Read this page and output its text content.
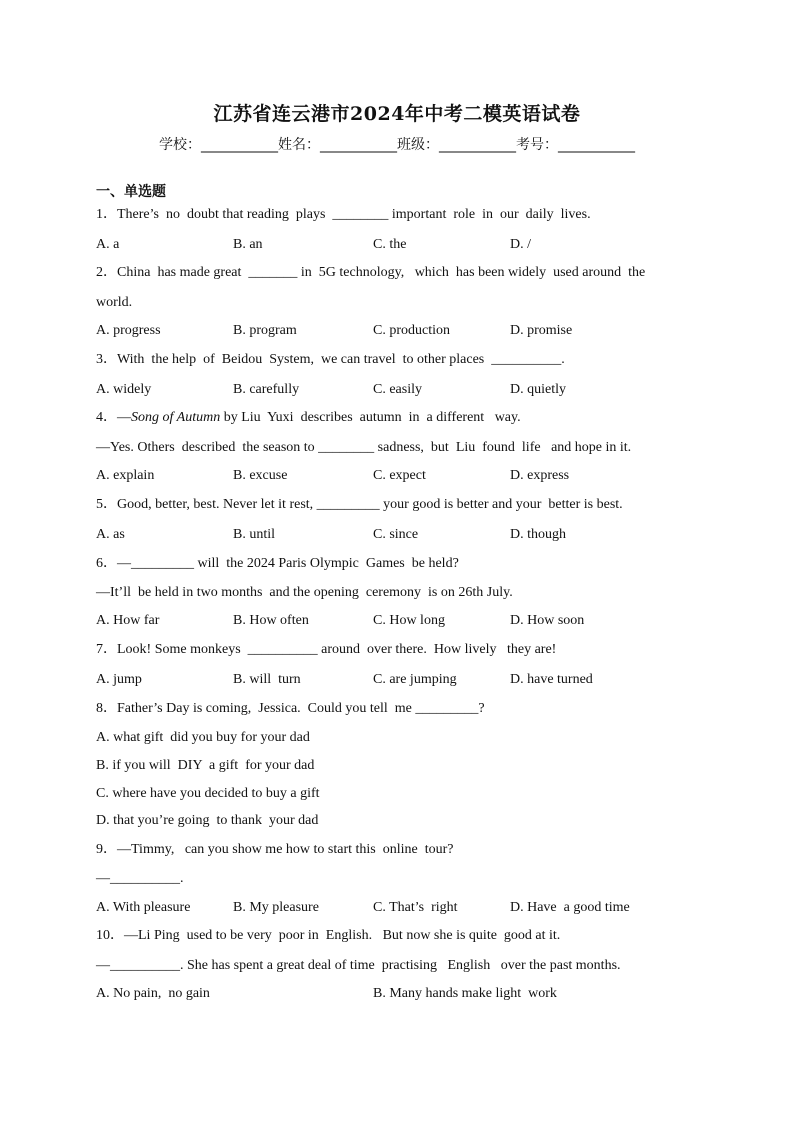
江苏省连云港市2024年中考二模英语试卷
学校：___________姓名：___________班级：___________考号：___________
一、单选题
1．There’s  no  doubt that reading  plays  ________ important  role  in  our  daily  lives.
A. a	B. an	C. the	D. /
2．China  has made great  _______ in  5G technology,   which  has been widely  used around  the
world.
A. progress	B. program	C. production	D. promise
3．With  the help  of  Beidou  System,  we can travel  to other places  __________.
A. widely	B. carefully	C. easily	D. quietly
4．—Song of Autumn by Liu  Yuxi  describes  autumn  in  a different   way.
—Yes. Others  described  the season to ________ sadness,  but  Liu  found  life   and hope in it.
A. explain	B. excuse	C. expect	D. express
5．Good, better, best. Never let it rest, _________ your good is better and your  better is best.
A. as	B. until	C. since	D. though
6．—_________ will  the 2024 Paris Olympic  Games  be held?
—It’ll  be held in two months  and the opening  ceremony  is on 26th July.
A. How far	B. How often	C. How long	D. How soon
7．Look! Some monkeys  __________ around  over there.  How lively   they are!
A. jump	B. will  turn	C. are jumping	D. have turned
8．Father’s Day is coming,  Jessica.  Could you tell  me _________?
A. what gift  did you buy for your dad
B. if you will  DIY  a gift  for your dad
C. where have you decided to buy a gift
D. that you’re going  to thank  your dad
9．—Timmy,   can you show me how to start this  online  tour?
—__________.
A. With pleasure	B. My pleasure	C. That’s  right	D. Have  a good time
10．—Li Ping  used to be very  poor in  English.   But now she is quite  good at it.
—__________. She has spent a great deal of time  practising   English   over the past months.
A. No pain,  no gain	B. Many hands make light  work
